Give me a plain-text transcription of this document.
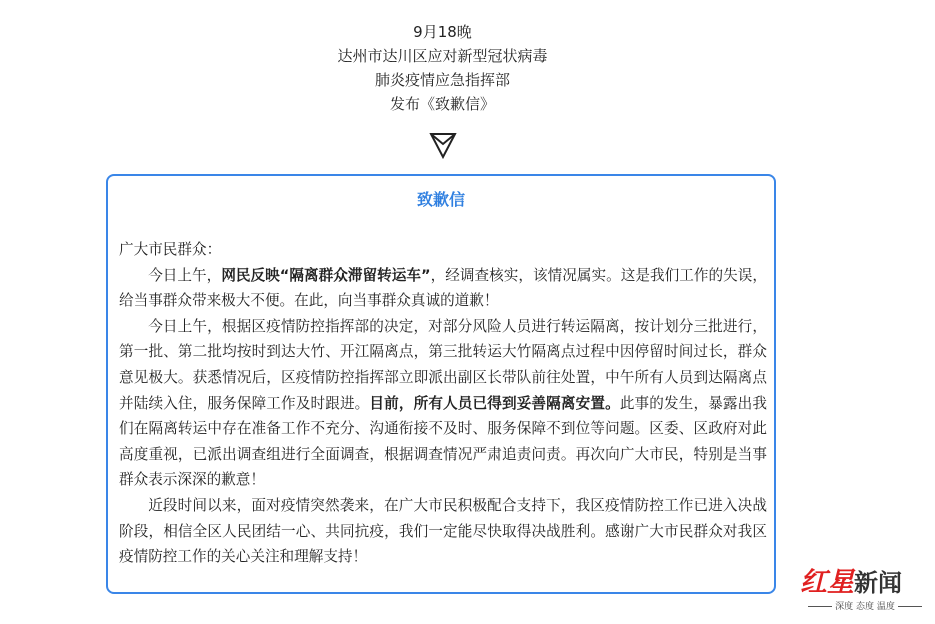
9月18晚
达州市达川区应对新型冠状病毒
肺炎疫情应急指挥部
发布《致歉信》
致歉信

广大市民群众：

今日上午，网民反映“隔离群众滞留转运车”，经调查核实，该情况属实。这是我们工作的失误，给当事群众带来极大不便。在此，向当事群众真诚的道歉！

今日上午，根据区疫情防控指挥部的决定，对部分风险人员进行转运隔离，按计划分三批进行，第一批、第二批均按时到达大竹、开江隔离点，第三批转运大竹隔离点过程中因停留时间过长，群众意见极大。获悉情况后，区疫情防控指挥部立即派出副区长带队前往处置，中午所有人员到达隔离点并陆续入住，服务保障工作及时跟进。目前，所有人员已得到妥善隔离安置。此事的发生，暴露出我们在隔离转运中存在准备工作不充分、沟通衔接不及时、服务保障不到位等问题。区委、区政府对此高度重视，已派出调查组进行全面调查，根据调查情况严肃追责问责。再次向广大市民，特别是当事群众表示深深的歉意！

近段时间以来，面对疫情突然袭来，在广大市民积极配合支持下，我区疫情防控工作已进入决战阶段，相信全区人民团结一心、共同抗疫，我们一定能尽快取得决战胜利。感谢广大市民群众对我区疫情防控工作的关心关注和理解支持！

红星新闻
深度 态度 温度
